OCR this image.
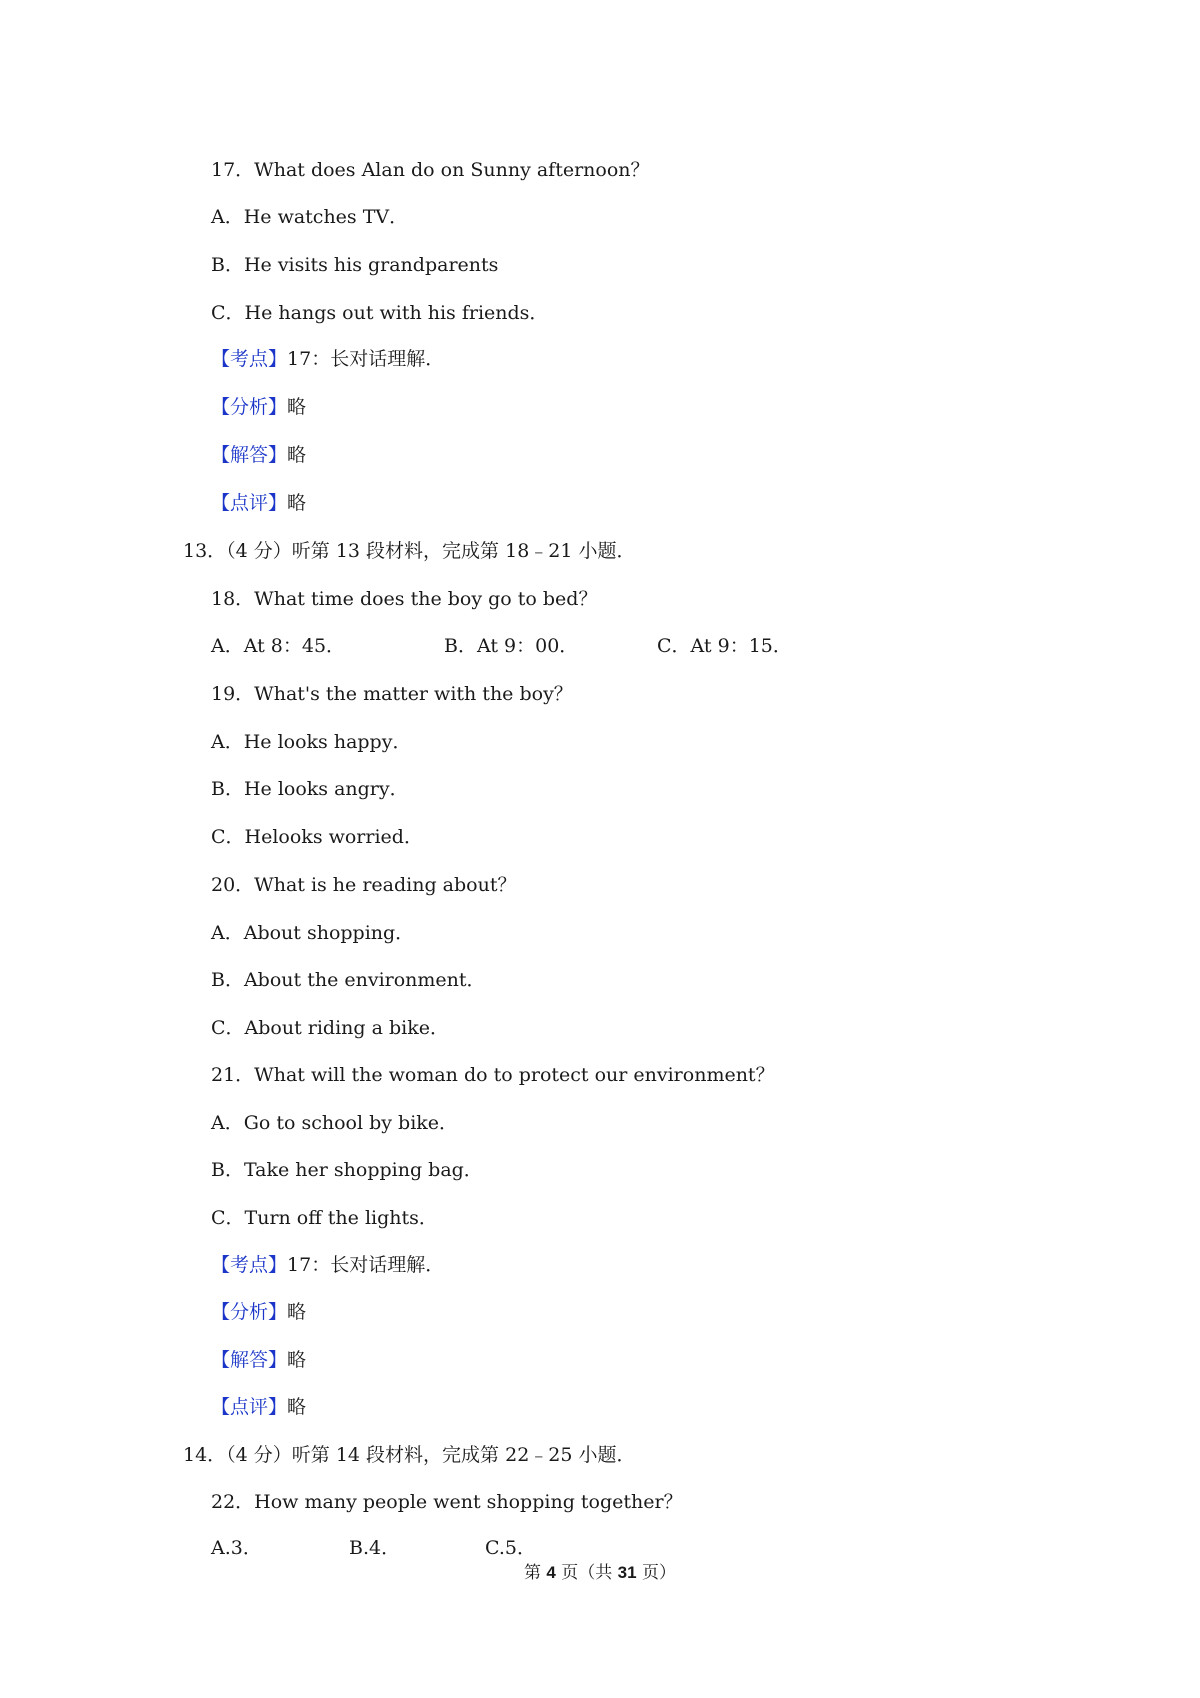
17．What does Alan do on Sunny afternoon？
A．He watches TV．
B．He visits his grandparents
C．He hangs out with his friends．
【考点】17：长对话理解．
【分析】略
【解答】略
【点评】略
13．（4 分）听第 13 段材料，完成第 18﹣21 小题．
18．What time does the boy go to bed？
A．At 8：45．	B．At 9：00．	C．At 9：15．
19．What's the matter with the boy？
A．He looks happy．
B．He looks angry．
C．Helooks worried．
20．What is he reading about？
A．About shopping．
B．About the environment．
C．About riding a bike．
21．What will the woman do to protect our environment？
A．Go to school by bike．
B．Take her shopping bag．
C．Turn off the lights．
【考点】17：长对话理解．
【分析】略
【解答】略
【点评】略
14．（4 分）听第 14 段材料，完成第 22﹣25 小题．
22．How many people went shopping together？
A.3．	B.4．	C.5．
第 4 页（共 31 页）
